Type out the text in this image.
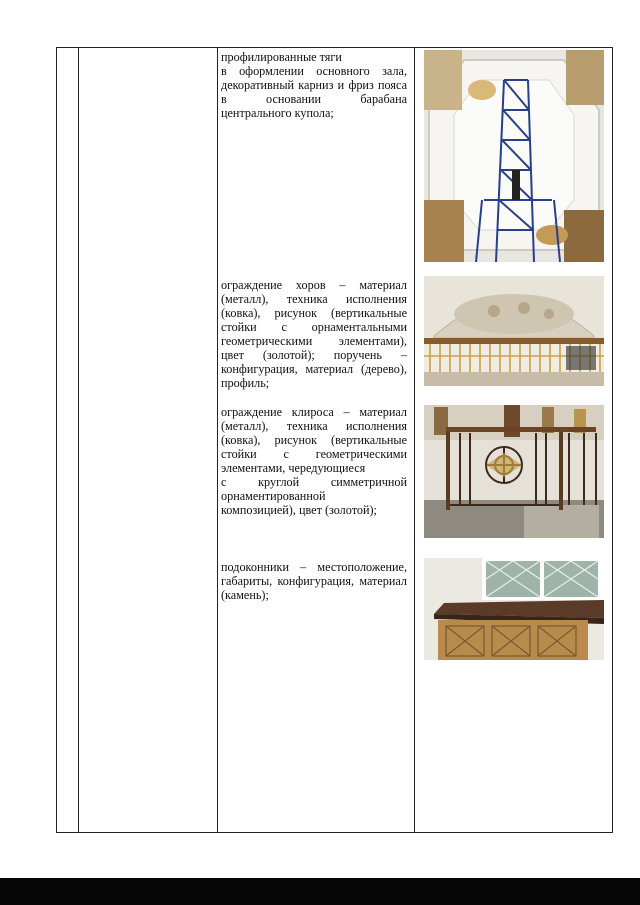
профилированные тяги

в оформлении основного зала, декоративный карниз и фриз пояса в основании барабана центрального купола;

ограждение хоров – материал (металл), техника исполнения (ковка), рисунок (вертикальные стойки с орнаментальными геометрическими элементами), цвет (золотой); поручень – конфигурация, материал (дерево), профиль;

ограждение клироса – материал (металл), техника исполнения (ковка), рисунок (вертикальные стойки с геометрическими элементами, чередующиеся

с круглой симметричной орнаментированной

композицией), цвет (золотой);

подоконники – местоположение, габариты, конфигурация, материал (камень);
